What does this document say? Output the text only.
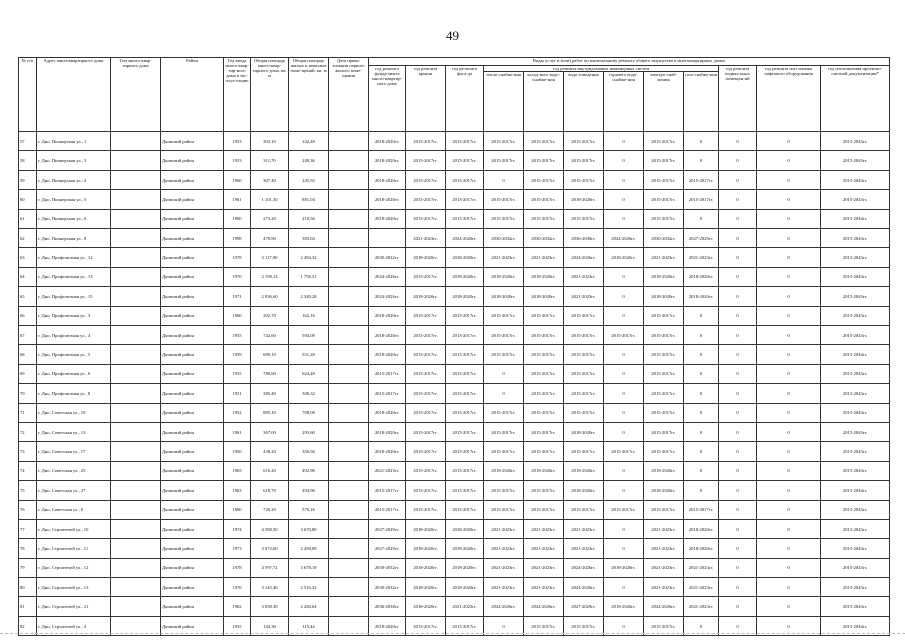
49
№ п/п	Адрес многоквартирного дома	Тип много-квар-тирного дома	Район	Год ввода много-квар-тир-ного дома в экс-плуа-тацию	Общая площадь много-квар-тирного дома, кв. м	Общая площадь жилых и нежилых поме-щений, кв. м	Дата прива-тизации первого жилого поме-щения	Виды услуг и (или) работ по капитальному ремонту общего имущества в многоквартирных домах											
								год ремонта фунда-мента много-квартир-ного дома	год ремонта крыши	год ре-монта фаса-да	год ремонта внутридомовых инженерных систем						год ремонта подвал-ьных помещен-ий	год ремонта или замены лифтового оборудования	год изготовления проектно-сметной документации*
											тепло-снабже-ния	холод-ного водо-снабже-ния	водо-отведения	горячего водо-снабже-ния	электро-снаб-жения	газо-снабже-ния			
57	г. Дно, Пионерская ул., 1		Дновский район	1953	303,10	242,48		2018-2020гг.	2015-2017гг.	2015-2017гг.	2015-2017гг.	2015-2017гг.	2015-2017гг.	0	2015-2017гг.	0	0	0	2015-2043гг.
58	г. Дно, Пионерская ул., 3		Дновский район	1953	311,70	249,36		2018-2020гг.	2015-2017гг.	2015-2017гг.	2015-2017гг.	2015-2017гг.	2015-2017гг.	0	2015-2017гг.	0	0	0	2015-2043гг.
59	г. Дно, Пионерская ул., 4		Дновский район	1960	307,40	245,92		2018-2020гг.	2015-2017гг.	2015-2017гг.	0	2015-2017гг.	2015-2017гг.	0	2015-2017гг.	2015-2017гг.	0	0	2015-2043гг.
60	г. Дно, Пионерская ул., 5		Дновский район	1961	1 101,30	881,04		2018-2020гг.	2015-2017гг.	2015-2017гг.	2015-2017гг.	2015-2017гг.	2018-2020гг.	0	2015-2017гг.	2015-2017гг.	0	0	2015-2043гг.
61	г. Дно, Пионерская ул., 6		Дновский район	1960	273,20	218,56		2018-2020гг.	2015-2017гг.	2015-2017гг.	2015-2017гг.	2015-2017гг.	2015-2017гг.	0	2015-2017гг.	0	0	0	2015-2043гг.
62	г. Дно, Пионерская ул., 8		Дновский район	1998	478,80	383,04			2021-2023гг.	2024-2026гг.	2030-2032гг.	2030-2032гг.	2036-2038гг.	2024-2026гг.	2030-2032гг.	2027-2029гг.	0	0	2015-2043гг.
63	г. Дно, Профсоюзная ул., 12		Дновский район	1978	3 117,90	2 494,32		2030-2032гг.	2018-2020гг.	2018-2020гг.	2021-2023гг.	2021-2023гг.	2024-2026гг.	2018-2020гг.	2021-2023гг.	2021-2023гг.	0	0	2015-2043гг.
64	г. Дно, Профсоюзная ул., 13		Дновский район	1970	2 198,14	1 758,51		2024-2026гг.	2015-2017гг.	2018-2020гг.	2018-2020гг.	2018-2020гг.	2021-2023гг.	0	2018-2020гг.	2018-2020гг.	0	0	2015-2043гг.
65	г. Дно, Профсоюзная ул., 15		Дновский район	1971	2 936,60	2 349,28		2024-2026гг.	2018-2020гг.	2018-2020гг.	2018-2020гг.	2018-2020гг.	2021-2023гг.	0	2018-2020гг.	2018-2020гг.	0	0	2015-2043гг.
66	г. Дно, Профсоюзная ул., 3		Дновский район	1960	202,70	162,16		2018-2020гг.	2015-2017гг.	2015-2017гг.	2015-2017гг.	2015-2017гг.	2015-2017гг.	0	2015-2017гг.	0	0	0	2015-2043гг.
67	г. Дно, Профсоюзная ул., 4		Дновский район	1955	742,60	594,08		2018-2020гг.	2015-2017гг.	2015-2017гг.	2015-2017гг.	2015-2017гг.	2015-2017гг.	2015-2017гг.	2015-2017гг.	0	0	0	2015-2043гг.
68	г. Дно, Профсоюзная ул., 5		Дновский район	1959	689,10	551,28		2018-2020гг.	2015-2017гг.	2015-2017гг.	2015-2017гг.	2015-2017гг.	2015-2017гг.	0	2015-2017гг.	0	0	0	2015-2043гг.
69	г. Дно, Профсоюзная ул., 6		Дновский район	1955	780,60	624,48		2015-2017гг.	2015-2017гг.	2015-2017гг.	0	2015-2017гг.	2015-2017гг.	0	2015-2017гг.	0	0	0	2015-2043гг.
70	г. Дно, Профсоюзная ул., 8		Дновский район	1951	385,40	308,32		2015-2017гг.	2015-2017гг.	2015-2017гг.	0	2015-2017гг.	2015-2017гг.	0	2015-2017гг.	0	0	0	2015-2043гг.
71	г. Дно, Советская ул., 10		Дновский район	1952	885,10	708,08		2018-2020гг.	2015-2017гг.	2015-2017гг.	2015-2017гг.	2015-2017гг.	2015-2017гг.	0	2015-2017гг.	0	0	0	2015-2043гг.
72	г. Дно, Советская ул., 13		Дновский район	1961	367,00	293,60		2018-2020гг.	2015-2017гг.	2015-2017гг.	2015-2017гг.	2015-2017гг.	2018-2020гг.	0	2015-2017гг.	0	0	0	2015-2043гг.
73	г. Дно, Советская ул., 17		Дновский район	1950	438,20	350,56		2018-2020гг.	2015-2017гг.	2015-2017гг.	2015-2017гг.	2015-2017гг.	2015-2017гг.	2015-2017гг.	2015-2017гг.	0	0	0	2015-2043гг.
74	г. Дно, Советская ул., 25		Дновский район	1965	616,20	492,96		2021-2023гг.	2015-2017гг.	2015-2017гг.	2018-2020гг.	2018-2020гг.	2018-2020гг.	0	2018-2020гг.	0	0	0	2015-2043гг.
75	г. Дно, Советская ул., 27		Дновский район	1963	618,70	494,96		2015-2017гг.	2015-2017гг.	2015-2017гг.	2015-2017гг.	2015-2017гг.	2018-2020гг.	0	2018-2020гг.	0	0	0	2015-2043гг.
76	г. Дно, Советская ул., 6		Дновский район	1960	720,20	576,16		2015-2017гг.	2015-2017гг.	2015-2017гг.	2015-2017гг.	2015-2017гг.	2015-2017гг.	2015-2017гг.	2015-2017гг.	2015-2017гг.	0	0	2015-2043гг.
77	г. Дно, Строителей ул., 10		Дновский район	1974	4 588,50	3 670,80		2027-2029гг.	2018-2020гг.	2018-2020гг.	2021-2023гг.	2021-2023гг.	2021-2023гг.	0	2021-2023гг.	2018-2020гг.	0	0	2015-2043гг.
78	г. Дно, Строителей ул., 11		Дновский район	1973	3 072,60	2 458,08		2027-2029гг.	2018-2020гг.	2018-2020гг.	2021-2023гг.	2021-2023гг.	2021-2023гг.	0	2021-2023гг.	2018-2020гг.	0	0	2015-2043гг.
79	г. Дно, Строителей ул., 12		Дновский район	1978	4 597,72	3 678,18		2030-2032гг.	2018-2020гг.	2018-2020гг.	2021-2023гг.	2021-2023гг.	2024-2026гг.	2018-2020гг.	2021-2023гг.	2021-2023гг.	0	0	2015-2043гг.
80	г. Дно, Строителей ул., 13		Дновский район	1976	3 145,40	2 516,32		2030-2032гг.	2018-2020гг.	2018-2020гг.	2021-2023гг.	2021-2023гг.	2024-2026гг.	0	2021-2023гг.	2021-2023гг.	0	0	2015-2043гг.
81	г. Дно, Строителей ул., 21		Дновский район	1982	3 038,30	2 430,64		2036-2038гг.	2018-2020гг.	2021-2023гг.	2024-2026гг.	2024-2026гг.	2027-2029гг.	2018-2020гг.	2024-2026гг.	2021-2023гг.	0	0	2015-2043гг.
82	г. Дно, Строителей ул., 4		Дновский район	1955	144,30	115,44		2018-2020гг.	2015-2017гг.	2015-2017гг.	0	2015-2017гг.	2015-2017гг.	0	2015-2017гг.	0	0	0	2015-2043гг.
